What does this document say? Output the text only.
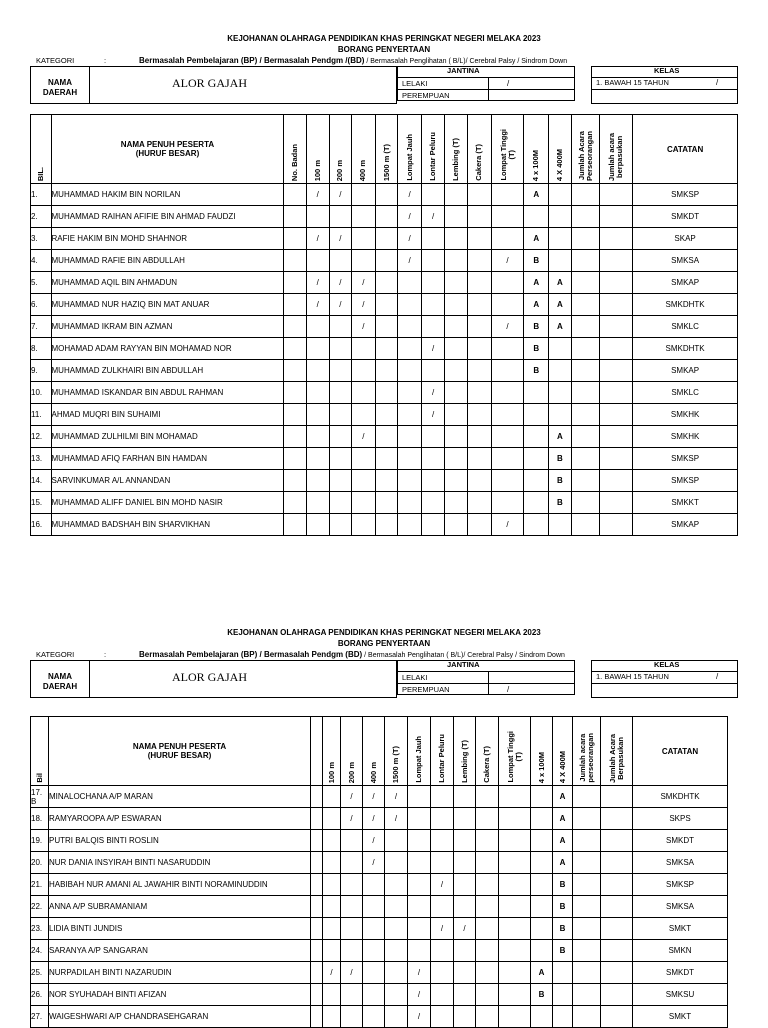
KEJOHANAN OLAHRAGA PENDIDIKAN KHAS PERINGKAT NEGERI MELAKA 2023
BORANG PENYERTAAN
KATEGORI	:	Bermasalah Pembelajaran (BP) / Bermasalah Pendgm /(BD) / Bermasalah Penglihatan ( B/L)/ Cerebral Palsy / Sindrom Down
NAMA
DAERAH
ALOR GAJAH
JANTINA
LELAKI	/
PEREMPUAN
KELAS
1. BAWAH 15 TAHUN	/
BIL.	NAMA PENUH PESERTA
(HURUF BESAR)	No. Badan	100 m	200 m	400 m	1500 m (T)	Lompat Jauh	Lontar Peluru	Lembing (T)	Cakera (T)	Lompat Tinggi
(T)	4 x 100M	4 X 400M	Jumlah Acara
Perseorangan	Jumlah acara
berpasukan	CATATAN
1.	MUHAMMAD HAKIM BIN NORILAN		/	/			/					A				SMKSP
2.	MUHAMMAD RAIHAN AFIFIE BIN AHMAD FAUDZI						/	/								SMKDT
3.	RAFIE HAKIM BIN MOHD SHAHNOR		/	/			/					A				SKAP
4.	MUHAMMAD RAFIE BIN ABDULLAH						/				/	B				SMKSA
5.	MUHAMMAD AQIL BIN AHMADUN		/	/	/							A	A			SMKAP
6.	MUHAMMAD NUR HAZIQ BIN MAT ANUAR		/	/	/							A	A			SMKDHTK
7.	MUHAMMAD IKRAM BIN AZMAN				/						/	B	A			SMKLC
8.	MOHAMAD ADAM RAYYAN BIN MOHAMAD NOR							/				B				SMKDHTK
9.	MUHAMMAD ZULKHAIRI BIN ABDULLAH											B				SMKAP
10.	MUHAMMAD ISKANDAR BIN ABDUL RAHMAN							/								SMKLC
11.	AHMAD MUQRI BIN SUHAIMI							/								SMKHK
12.	MUHAMMAD ZULHILMI BIN MOHAMAD				/								A			SMKHK
13.	MUHAMMAD AFIQ FARHAN BIN HAMDAN												B			SMKSP
14.	SARVINKUMAR A/L ANNANDAN												B			SMKSP
15.	MUHAMMAD ALIFF DANIEL BIN MOHD NASIR												B			SMKKT
16.	MUHAMMAD BADSHAH BIN SHARVIKHAN										/					SMKAP
KEJOHANAN OLAHRAGA PENDIDIKAN KHAS PERINGKAT NEGERI MELAKA 2023
BORANG PENYERTAAN
KATEGORI	:	Bermasalah Pembelajaran (BP) / Bermasalah Pendgm (BD) / Bermasalah Penglihatan ( B/L)/ Cerebral Palsy / Sindrom Down
NAMA
DAERAH
ALOR GAJAH
JANTINA
LELAKI
PEREMPUAN	/
KELAS
1. BAWAH 15 TAHUN	/
Bil	NAMA PENUH PESERTA
(HURUF BESAR)		100 m	200 m	400 m	1500 m (T)	Lompat Jauh	Lontar Peluru	Lembing (T)	Cakera (T)	Lompat Tinggi
(T)	4 x 100M	4 X 400M	Jumlah acara
perseorangan	Jumlah Acara
Berpasukan	CATATAN
17.
B	MINALOCHANA A/P MARAN			/	/	/							A			SMKDHTK
18.	RAMYAROOPA A/P ESWARAN			/	/	/							A			SKPS
19.	PUTRI BALQIS BINTI ROSLIN				/								A			SMKDT
20.	NUR DANIA INSYIRAH BINTI NASARUDDIN				/								A			SMKSA
21.	HABIBAH NUR AMANI AL JAWAHIR BINTI NORAMINUDDIN							/					B			SMKSP
22.	ANNA A/P SUBRAMANIAM												B			SMKSA
23.	LIDIA BINTI JUNDIS							/	/				B			SMKT
24.	SARANYA A/P SANGARAN												B			SMKN
25.	NURPADILAH BINTI NAZARUDIN		/	/			/					A				SMKDT
26.	NOR SYUHADAH BINTI AFIZAN						/					B				SMKSU
27.	WAIGESHWARI A/P CHANDRASEHGARAN						/									SMKT
